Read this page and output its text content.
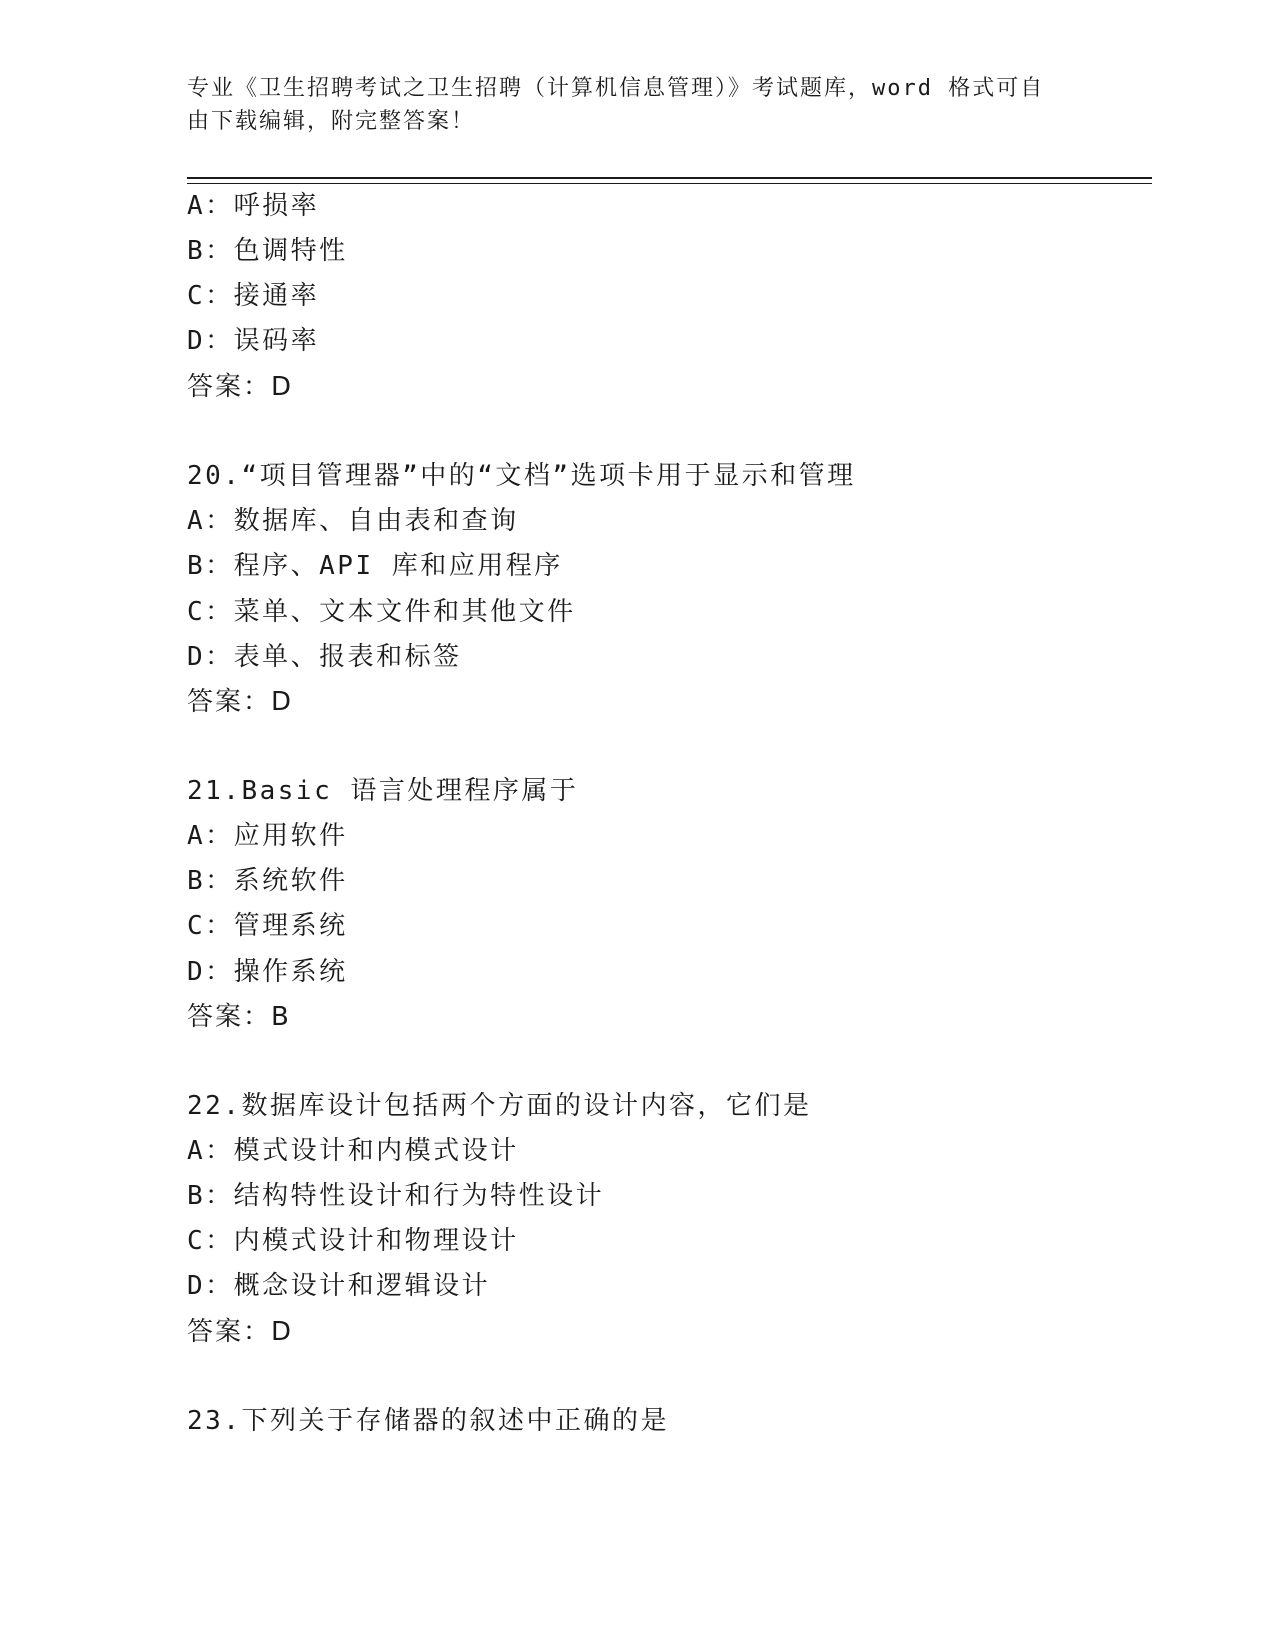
专业《卫生招聘考试之卫生招聘（计算机信息管理）》考试题库，word 格式可自
由下载编辑，附完整答案！
A：呼损率
B：色调特性
C：接通率
D：误码率
答案：D
20.“项目管理器”中的“文档”选项卡用于显示和管理
A：数据库、自由表和查询
B：程序、API 库和应用程序
C：菜单、文本文件和其他文件
D：表单、报表和标签
答案：D
21.Basic 语言处理程序属于
A：应用软件
B：系统软件
C：管理系统
D：操作系统
答案：B
22.数据库设计包括两个方面的设计内容，它们是
A：模式设计和内模式设计
B：结构特性设计和行为特性设计
C：内模式设计和物理设计
D：概念设计和逻辑设计
答案：D
23.下列关于存储器的叙述中正确的是
